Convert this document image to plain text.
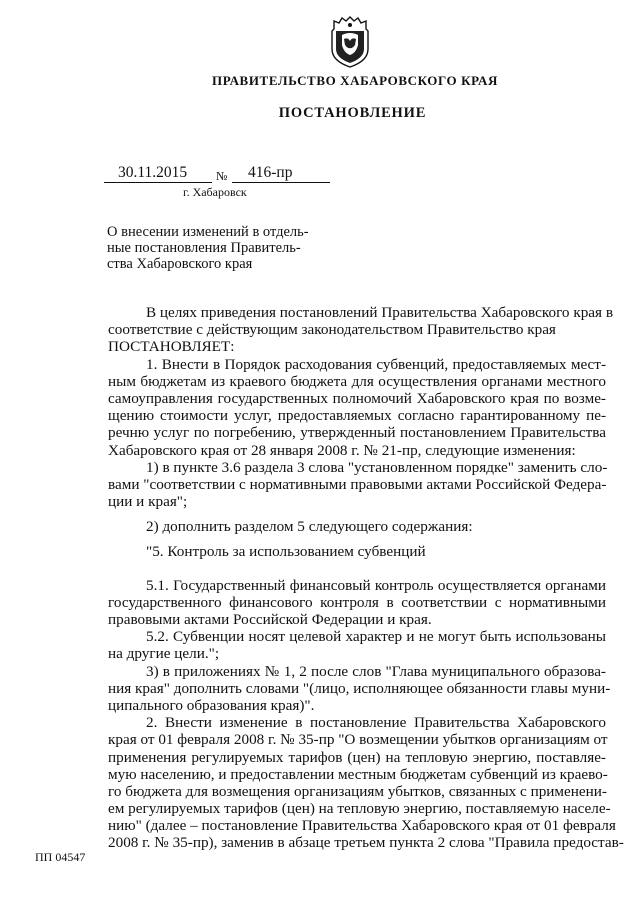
ПРАВИТЕЛЬСТВО ХАБАРОВСКОГО КРАЯ
ПОСТАНОВЛЕНИЕ
30.11.2015 № 416-пр
г. Хабаровск
О внесении изменений в отдель-
ные постановления Правитель-
ства Хабаровского края
В целях приведения постановлений Правительства Хабаровского края в
соответствие с действующим законодательством Правительство края
ПОСТАНОВЛЯЕТ:
1. Внести в Порядок расходования субвенций, предоставляемых мест-
ным бюджетам из краевого бюджета для осуществления органами местного
самоуправления государственных полномочий Хабаровского края по возме-
щению стоимости услуг, предоставляемых согласно гарантированному пе-
речню услуг по погребению, утвержденный постановлением Правительства
Хабаровского края от 28 января 2008 г. № 21-пр, следующие изменения:
1) в пункте 3.6 раздела 3 слова "установленном порядке" заменить сло-
вами "соответствии с нормативными правовыми актами Российской Федера-
ции и края";
2) дополнить разделом 5 следующего содержания:
"5. Контроль за использованием субвенций
5.1. Государственный финансовый контроль осуществляется органами
государственного финансового контроля в соответствии с нормативными
правовыми актами Российской Федерации и края.
5.2. Субвенции носят целевой характер и не могут быть использованы
на другие цели.";
3) в приложениях № 1, 2 после слов "Глава муниципального образова-
ния края" дополнить словами "(лицо, исполняющее обязанности главы муни-
ципального образования края)".
2. Внести изменение в постановление Правительства Хабаровского
края от 01 февраля 2008 г. № 35-пр "О возмещении убытков организациям от
применения регулируемых тарифов (цен) на тепловую энергию, поставляе-
мую населению, и предоставлении местным бюджетам субвенций из краево-
го бюджета для возмещения организациям убытков, связанных с применени-
ем регулируемых тарифов (цен) на тепловую энергию, поставляемую населе-
нию" (далее – постановление Правительства Хабаровского края от 01 февраля
2008 г. № 35-пр), заменив в абзаце третьем пункта 2 слова "Правила предостав-
ПП 04547
